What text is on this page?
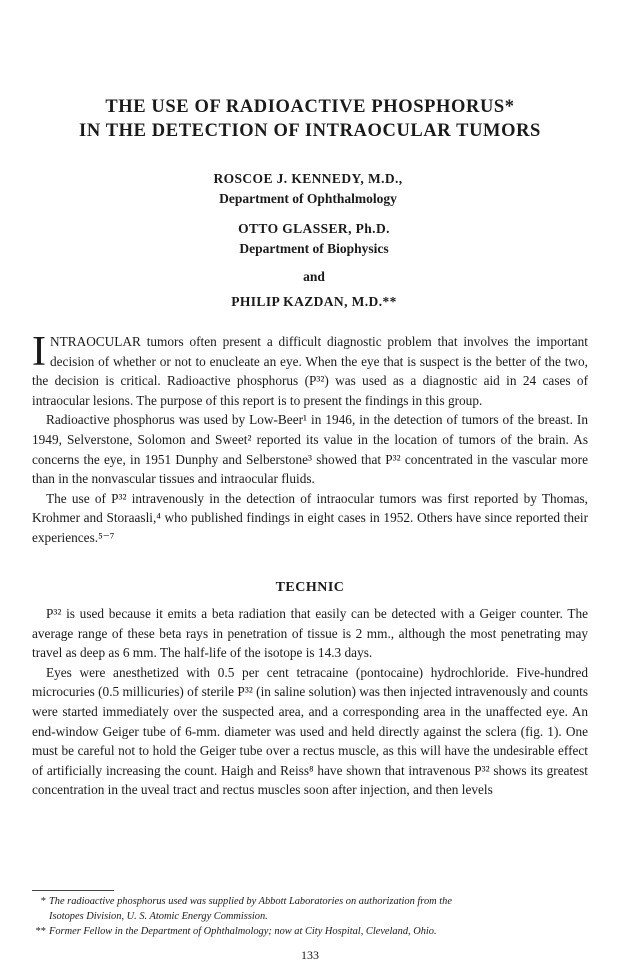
THE USE OF RADIOACTIVE PHOSPHORUS*
IN THE DETECTION OF INTRAOCULAR TUMORS

ROSCOE J. KENNEDY, M.D.,

Department of Ophthalmology

OTTO GLASSER, Ph.D.

Department of Biophysics

and

PHILIP KAZDAN, M.D.**

INTRAOCULAR tumors often present a difficult diagnostic problem that involves the important decision of whether or not to enucleate an eye. When the eye that is suspect is the better of the two, the decision is critical. Radioactive phosphorus (P³²) was used as a diagnostic aid in 24 cases of intraocular lesions. The purpose of this report is to present the findings in this group.

Radioactive phosphorus was used by Low-Beer¹ in 1946, in the detection of tumors of the breast. In 1949, Selverstone, Solomon and Sweet² reported its value in the location of tumors of the brain. As concerns the eye, in 1951 Dunphy and Selberstone³ showed that P³² concentrated in the vascular more than in the nonvascular tissues and intraocular fluids.

The use of P³² intravenously in the detection of intraocular tumors was first reported by Thomas, Krohmer and Storaasli,⁴ who published findings in eight cases in 1952. Others have since reported their experiences.⁵⁻⁷

TECHNIC

P³² is used because it emits a beta radiation that easily can be detected with a Geiger counter. The average range of these beta rays in penetration of tissue is 2 mm., although the most penetrating may travel as deep as 6 mm. The half-life of the isotope is 14.3 days.

Eyes were anesthetized with 0.5 per cent tetracaine (pontocaine) hydrochloride. Five-hundred microcuries (0.5 millicuries) of sterile P³² (in saline solution) was then injected intravenously and counts were started immediately over the suspected area, and a corresponding area in the unaffected eye. An end-window Geiger tube of 6-mm. diameter was used and held directly against the sclera (fig. 1). One must be careful not to hold the Geiger tube over a rectus muscle, as this will have the undesirable effect of artificially increasing the count. Haigh and Reiss⁸ have shown that intravenous P³² shows its greatest concentration in the uveal tract and rectus muscles soon after injection, and then levels

* The radioactive phosphorus used was supplied by Abbott Laboratories on authorization from the
Isotopes Division, U. S. Atomic Energy Commission.

** Former Fellow in the Department of Ophthalmology; now at City Hospital, Cleveland, Ohio.

133
